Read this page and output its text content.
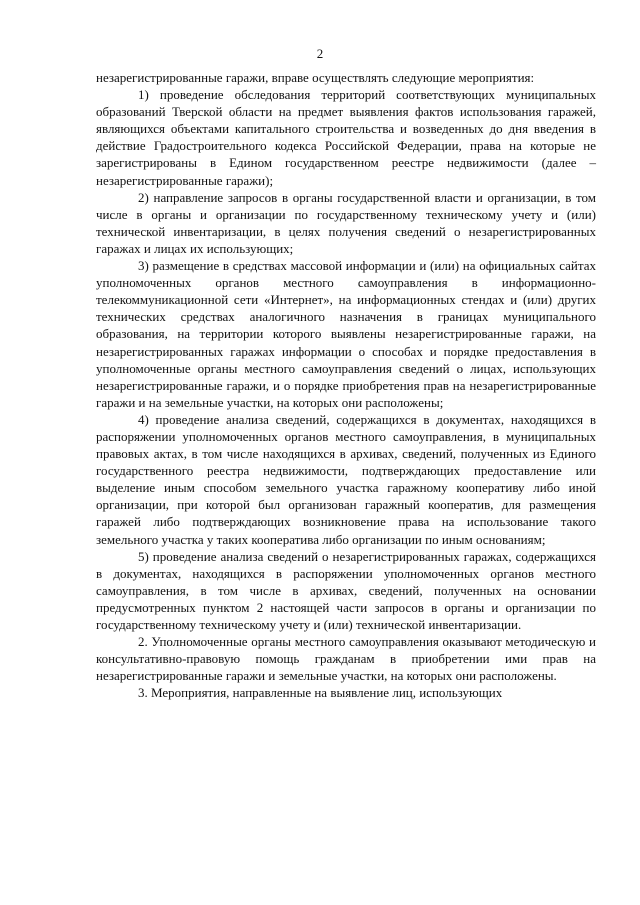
2

незарегистрированные гаражи, вправе осуществлять следующие мероприятия:

1) проведение обследования территорий соответствующих муниципальных образований Тверской области на предмет выявления фактов использования гаражей, являющихся объектами капитального строительства и возведенных до дня введения в действие Градостроительного кодекса Российской Федерации, права на которые не зарегистрированы в Едином государственном реестре недвижимости (далее – незарегистрированные гаражи);

2) направление запросов в органы государственной власти и организации, в том числе в органы и организации по государственному техническому учету и (или) технической инвентаризации, в целях получения сведений о незарегистрированных гаражах и лицах их использующих;

3) размещение в средствах массовой информации и (или) на официальных сайтах уполномоченных органов местного самоуправления в информационно-телекоммуникационной сети «Интернет», на информационных стендах и (или) других технических средствах аналогичного назначения в границах муниципального образования, на территории которого выявлены незарегистрированные гаражи, на незарегистрированных гаражах информации о способах и порядке предоставления в уполномоченные органы местного самоуправления сведений о лицах, использующих незарегистрированные гаражи, и о порядке приобретения прав на незарегистрированные гаражи и на земельные участки, на которых они расположены;

4) проведение анализа сведений, содержащихся в документах, находящихся в распоряжении уполномоченных органов местного самоуправления, в муниципальных правовых актах, в том числе находящихся в архивах, сведений, полученных из Единого государственного реестра недвижимости, подтверждающих предоставление или выделение иным способом земельного участка гаражному кооперативу либо иной организации, при которой был организован гаражный кооператив, для размещения гаражей либо подтверждающих возникновение права на использование такого земельного участка у таких кооператива либо организации по иным основаниям;

5) проведение анализа сведений о незарегистрированных гаражах, содержащихся в документах, находящихся в распоряжении уполномоченных органов местного самоуправления, в том числе в архивах, сведений, полученных на основании предусмотренных пунктом 2 настоящей части запросов в органы и организации по государственному техническому учету и (или) технической инвентаризации.

2. Уполномоченные органы местного самоуправления оказывают методическую и консультативно-правовую помощь гражданам в приобретении ими прав на незарегистрированные гаражи и земельные участки, на которых они расположены.

3. Мероприятия, направленные на выявление лиц, использующих
